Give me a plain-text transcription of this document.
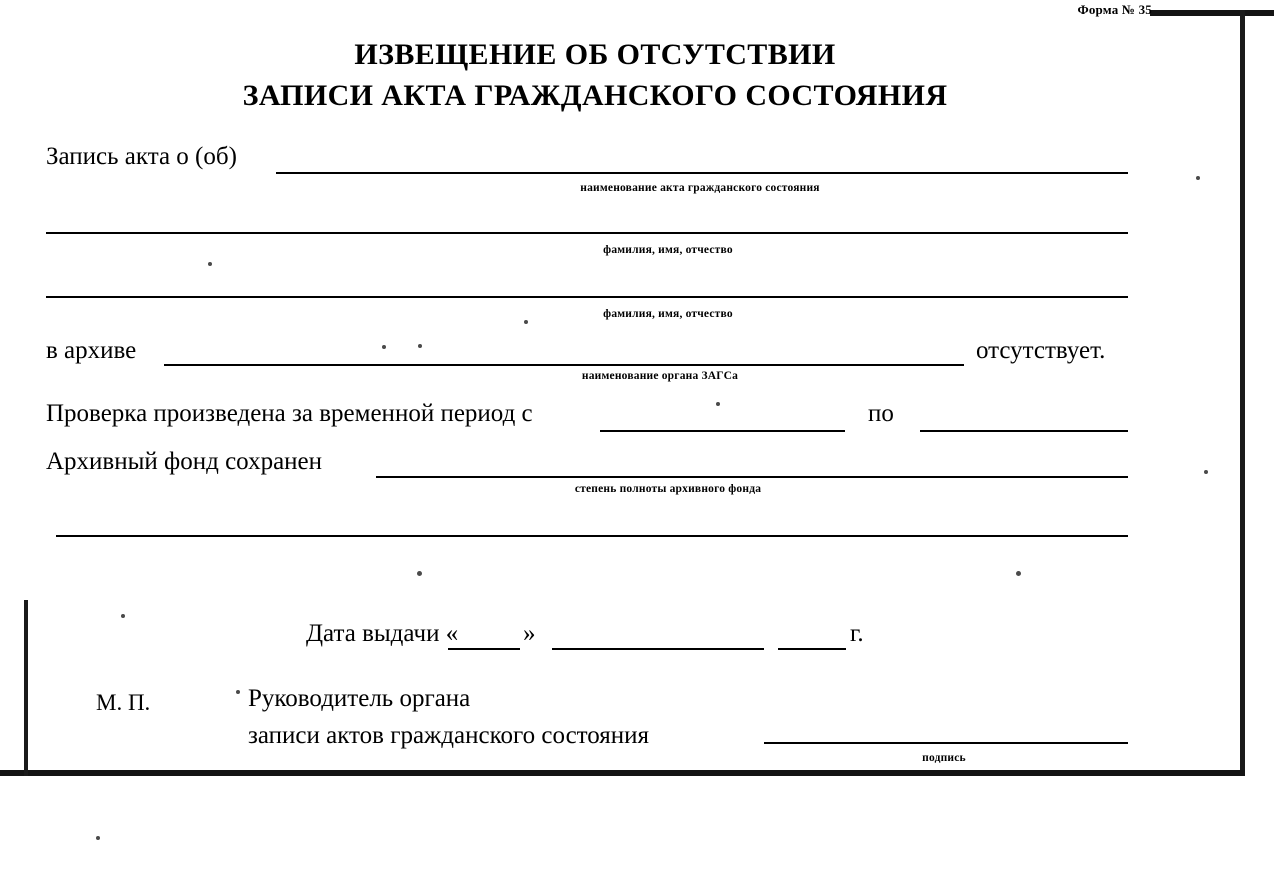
Форма № 35
ИЗВЕЩЕНИЕ ОБ ОТСУТСТВИИ
ЗАПИСИ АКТА ГРАЖДАНСКОГО СОСТОЯНИЯ
Запись акта о (об)
наименование акта гражданского состояния
фамилия, имя, отчество
фамилия, имя, отчество
в архиве
наименование органа ЗАГСа
отсутствует.
Проверка произведена за временной период с	по
Архивный фонд сохранен
степень полноты архивного фонда
Дата выдачи «	»	г.
М. П.	Руководитель органа
записи актов гражданского состояния
подпись
